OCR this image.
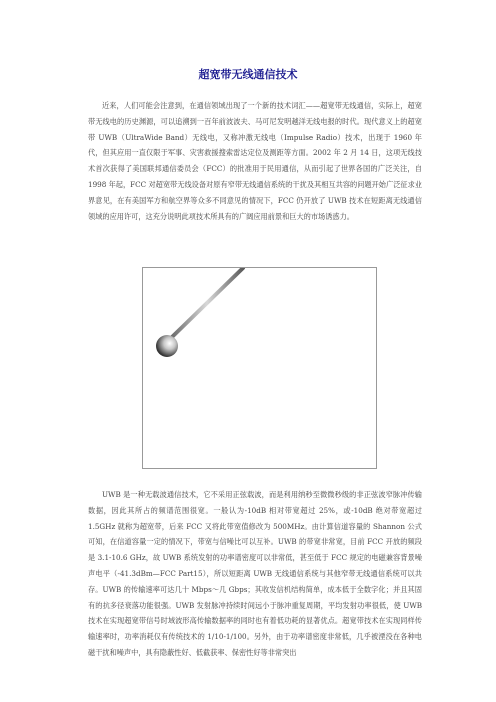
超宽带无线通信技术

近来，人们可能会注意到，在通信领域出现了一个新的技术词汇——超宽带无线通信，实际上，超宽带无线电的历史渊源，可以追溯到一百年前波波夫、马可尼发明越洋无线电报的时代。现代意义上的超宽带 UWB（UltraWide Band）无线电，又称冲激无线电（Impulse Radio）技术，出现于 1960 年代，但其应用一直仅限于军事、灾害救援搜索雷达定位及测距等方面。2002 年 2 月 14 日，这项无线技术首次获得了美国联邦通信委员会（FCC）的批准用于民用通信，从而引起了世界各国的广泛关注，自 1998 年起，FCC 对超宽带无线设备对原有窄带无线通信系统的干扰及其相互共容的问题开始广泛征求业界意见，在有美国军方和航空界等众多不同意见的情况下，FCC 仍开放了 UWB 技术在短距离无线通信领域的应用许可，这充分说明此项技术所具有的广阔应用前景和巨大的市场诱惑力。

UWB 是一种无载波通信技术，它不采用正弦载波，而是利用纳秒至微微秒级的非正弦波窄脉冲传输数据，因此其所占的频谱范围很宽。一般认为-10dB 相对带宽超过 25%，或-10dB 绝对带宽超过 1.5GHz 就称为超宽带，后来 FCC 又将此带宽值修改为 500MHz。由计算信道容量的 Shannon 公式可知，在信道容量一定的情况下，带宽与信噪比可以互补。UWB 的带宽非常宽，目前 FCC 开放的频段是 3.1-10.6 GHz，故 UWB 系统发射的功率谱密度可以非常低，甚至低于 FCC 规定的电磁兼容背景噪声电平（-41.3dBm—FCC Part15），所以短距离 UWB 无线通信系统与其他窄带无线通信系统可以共存。UWB 的传输速率可达几十 Mbps～几 Gbps；其收发信机结构简单，成本低于全数字化；并且其固有的抗多径衰落功能很强。UWB 发射脉冲持续时间远小于脉冲重复周期，平均发射功率很低，使 UWB 技术在实现超宽带信号时域波形高传输数据率的同时也有着低功耗的显著优点。超宽带技术在实现同样传输速率时，功率消耗仅有传统技术的 1/10-1/100。另外，由于功率谱密度非常低，几乎被湮没在各种电磁干扰和噪声中，具有隐蔽性好、低截获率、保密性好等非常突出
